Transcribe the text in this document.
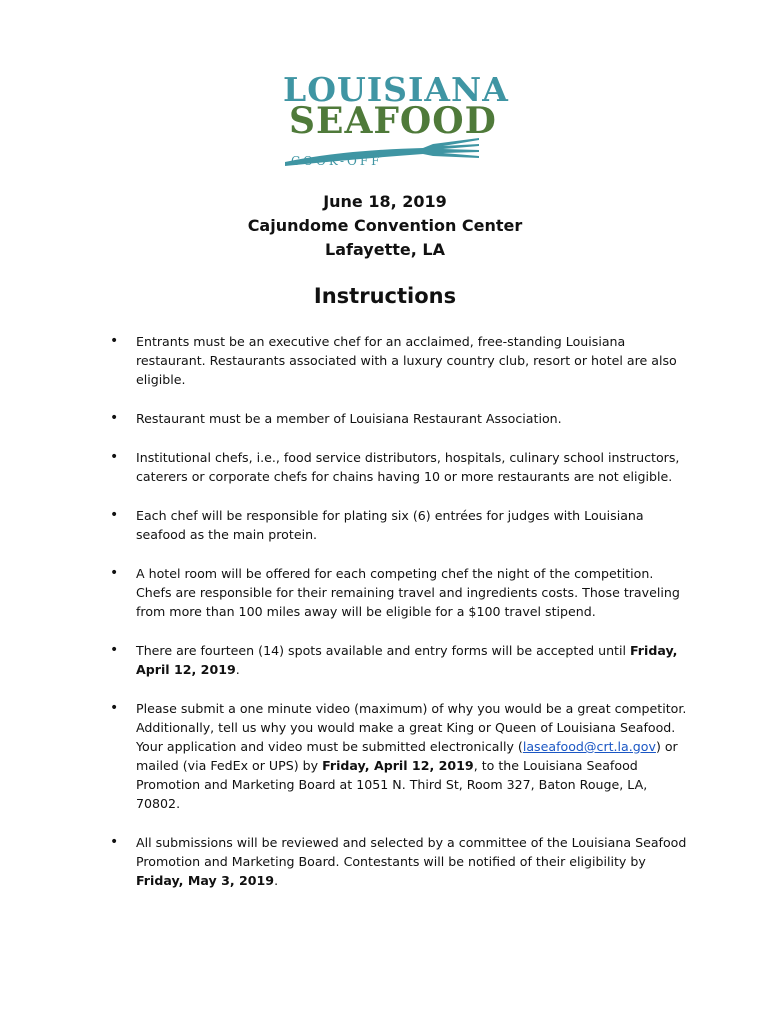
LOUISIANA
SEAFOOD
COOK-OFF
June 18, 2019
Cajundome Convention Center
Lafayette, LA
Instructions
• Entrants must be an executive chef for an acclaimed, free-standing Louisiana restaurant. Restaurants associated with a luxury country club, resort or hotel are also eligible.
• Restaurant must be a member of Louisiana Restaurant Association.
• Institutional chefs, i.e., food service distributors, hospitals, culinary school instructors, caterers or corporate chefs for chains having 10 or more restaurants are not eligible.
• Each chef will be responsible for plating six (6) entrées for judges with Louisiana seafood as the main protein.
• A hotel room will be offered for each competing chef the night of the competition. Chefs are responsible for their remaining travel and ingredients costs. Those traveling from more than 100 miles away will be eligible for a $100 travel stipend.
• There are fourteen (14) spots available and entry forms will be accepted until Friday, April 12, 2019.
• Please submit a one minute video (maximum) of why you would be a great competitor. Additionally, tell us why you would make a great King or Queen of Louisiana Seafood. Your application and video must be submitted electronically (laseafood@crt.la.gov) or mailed (via FedEx or UPS) by Friday, April 12, 2019, to the Louisiana Seafood Promotion and Marketing Board at 1051 N. Third St, Room 327, Baton Rouge, LA, 70802.
• All submissions will be reviewed and selected by a committee of the Louisiana Seafood Promotion and Marketing Board. Contestants will be notified of their eligibility by Friday, May 3, 2019.
